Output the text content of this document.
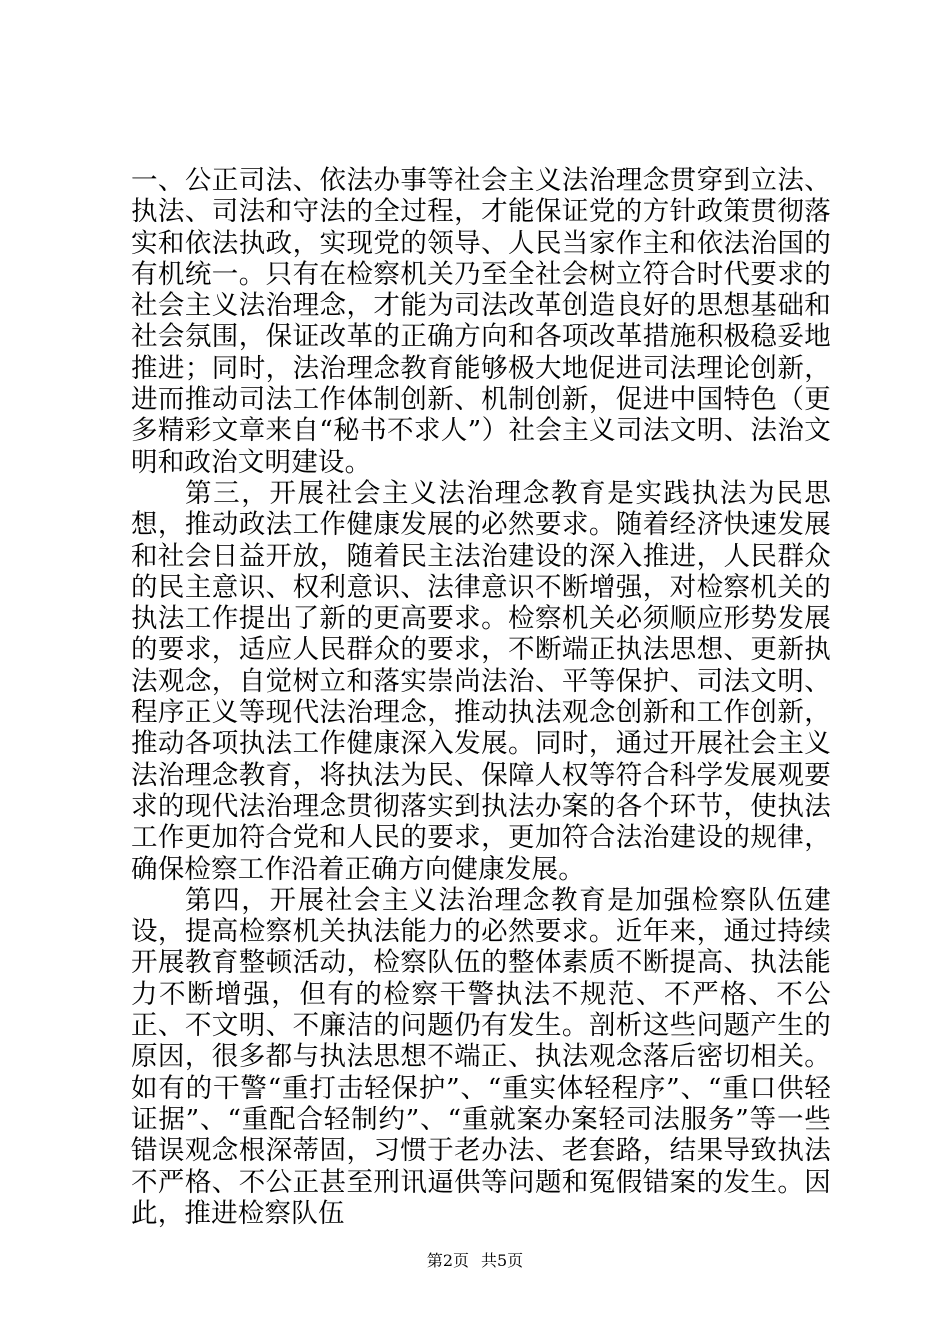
一、公正司法、依法办事等社会主义法治理念贯穿到立法、执法、司法和守法的全过程，才能保证党的方针政策贯彻落实和依法执政，实现党的领导、人民当家作主和依法治国的有机统一。只有在检察机关乃至全社会树立符合时代要求的社会主义法治理念，才能为司法改革创造良好的思想基础和社会氛围，保证改革的正确方向和各项改革措施积极稳妥地推进；同时，法治理念教育能够极大地促进司法理论创新，进而推动司法工作体制创新、机制创新，促进中国特色（更多精彩文章来自“秘书不求人”）社会主义司法文明、法治文明和政治文明建设。

第三，开展社会主义法治理念教育是实践执法为民思想，推动政法工作健康发展的必然要求。随着经济快速发展和社会日益开放，随着民主法治建设的深入推进，人民群众的民主意识、权利意识、法律意识不断增强，对检察机关的执法工作提出了新的更高要求。检察机关必须顺应形势发展的要求，适应人民群众的要求，不断端正执法思想、更新执法观念，自觉树立和落实崇尚法治、平等保护、司法文明、程序正义等现代法治理念，推动执法观念创新和工作创新，推动各项执法工作健康深入发展。同时，通过开展社会主义法治理念教育，将执法为民、保障人权等符合科学发展观要求的现代法治理念贯彻落实到执法办案的各个环节，使执法工作更加符合党和人民的要求，更加符合法治建设的规律，确保检察工作沿着正确方向健康发展。

第四，开展社会主义法治理念教育是加强检察队伍建设，提高检察机关执法能力的必然要求。近年来，通过持续开展教育整顿活动，检察队伍的整体素质不断提高、执法能力不断增强，但有的检察干警执法不规范、不严格、不公正、不文明、不廉洁的问题仍有发生。剖析这些问题产生的原因，很多都与执法思想不端正、执法观念落后密切相关。如有的干警“重打击轻保护”、“重实体轻程序”、“重口供轻证据”、“重配合轻制约”、“重就案办案轻司法服务”等一些错误观念根深蒂固，习惯于老办法、老套路，结果导致执法不严格、不公正甚至刑讯逼供等问题和冤假错案的发生。因此，推进检察队伍

第2页 共5页
